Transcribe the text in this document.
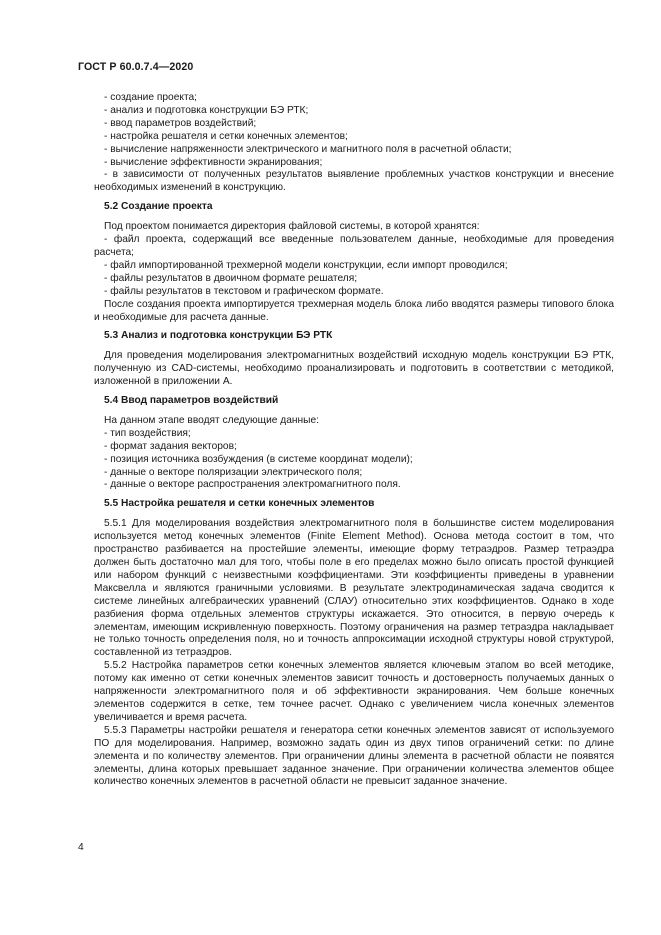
ГОСТ Р 60.0.7.4—2020

- создание проекта;

- анализ и подготовка конструкции БЭ РТК;

- ввод параметров воздействий;

- настройка решателя и сетки конечных элементов;

- вычисление напряженности электрического и магнитного поля в расчетной области;

- вычисление эффективности экранирования;

- в зависимости от полученных результатов выявление проблемных участков конструкции и внесение необходимых изменений в конструкцию.

5.2 Создание проекта

Под проектом понимается директория файловой системы, в которой хранятся:

- файл проекта, содержащий все введенные пользователем данные, необходимые для проведения расчета;

- файл импортированной трехмерной модели конструкции, если импорт проводился;

- файлы результатов в двоичном формате решателя;

- файлы результатов в текстовом и графическом формате.

После создания проекта импортируется трехмерная модель блока либо вводятся размеры типового блока и необходимые для расчета данные.

5.3 Анализ и подготовка конструкции БЭ РТК

Для проведения моделирования электромагнитных воздействий исходную модель конструкции БЭ РТК, полученную из CAD-системы, необходимо проанализировать и подготовить в соответствии с методикой, изложенной в приложении А.

5.4 Ввод параметров воздействий

На данном этапе вводят следующие данные:

- тип воздействия;

- формат задания векторов;

- позиция источника возбуждения (в системе координат модели);

- данные о векторе поляризации электрического поля;

- данные о векторе распространения электромагнитного поля.

5.5 Настройка решателя и сетки конечных элементов

5.5.1 Для моделирования воздействия электромагнитного поля в большинстве систем моделирования используется метод конечных элементов (Finite Element Method). Основа метода состоит в том, что пространство разбивается на простейшие элементы, имеющие форму тетраэдров. Размер тетраэдра должен быть достаточно мал для того, чтобы поле в его пределах можно было описать простой функцией или набором функций с неизвестными коэффициентами. Эти коэффициенты приведены в уравнении Максвелла и являются граничными условиями. В результате электродинамическая задача сводится к системе линейных алгебраических уравнений (СЛАУ) относительно этих коэффициентов. Однако в ходе разбиения форма отдельных элементов структуры искажается. Это относится, в первую очередь к элементам, имеющим искривленную поверхность. Поэтому ограничения на размер тетраэдра накладывает не только точность определения поля, но и точность аппроксимации исходной структуры новой структурой, составленной из тетраэдров.

5.5.2 Настройка параметров сетки конечных элементов является ключевым этапом во всей методике, потому как именно от сетки конечных элементов зависит точность и достоверность получаемых данных о напряженности электромагнитного поля и об эффективности экранирования. Чем больше конечных элементов содержится в сетке, тем точнее расчет. Однако с увеличением числа конечных элементов увеличивается и время расчета.

5.5.3 Параметры настройки решателя и генератора сетки конечных элементов зависят от используемого ПО для моделирования. Например, возможно задать один из двух типов ограничений сетки: по длине элемента и по количеству элементов. При ограничении длины элемента в расчетной области не появятся элементы, длина которых превышает заданное значение. При ограничении количества элементов общее количество конечных элементов в расчетной области не превысит заданное значение.

4
